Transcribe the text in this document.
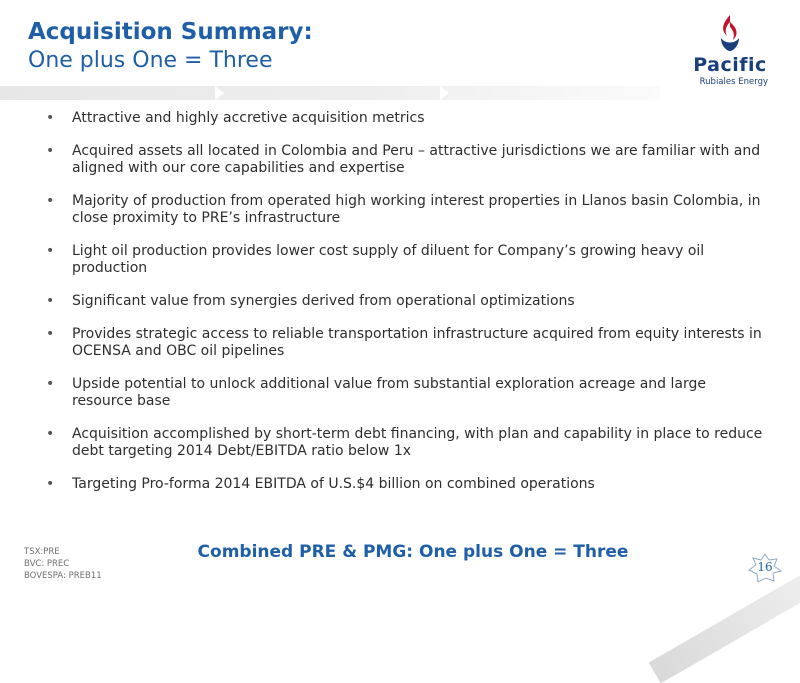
Acquisition Summary:
One plus One = Three	Pacific
Rubiales Energy
• Attractive and highly accretive acquisition metrics
• Acquired assets all located in Colombia and Peru – attractive jurisdictions we are familiar with and aligned with our core capabilities and expertise
• Majority of production from operated high working interest properties in Llanos basin Colombia, in close proximity to PRE’s infrastructure
• Light oil production provides lower cost supply of diluent for Company’s growing heavy oil production
• Significant value from synergies derived from operational optimizations
• Provides strategic access to reliable transportation infrastructure acquired from equity interests in OCENSA and OBC oil pipelines
• Upside potential to unlock additional value from substantial exploration acreage and large resource base
• Acquisition accomplished by short-term debt financing, with plan and capability in place to reduce debt targeting 2014 Debt/EBITDA ratio below 1x
• Targeting Pro-forma 2014 EBITDA of U.S.$4 billion on combined operations
Combined PRE & PMG: One plus One = Three
TSX:PRE
BVC: PREC
BOVESPA: PREB11
16
